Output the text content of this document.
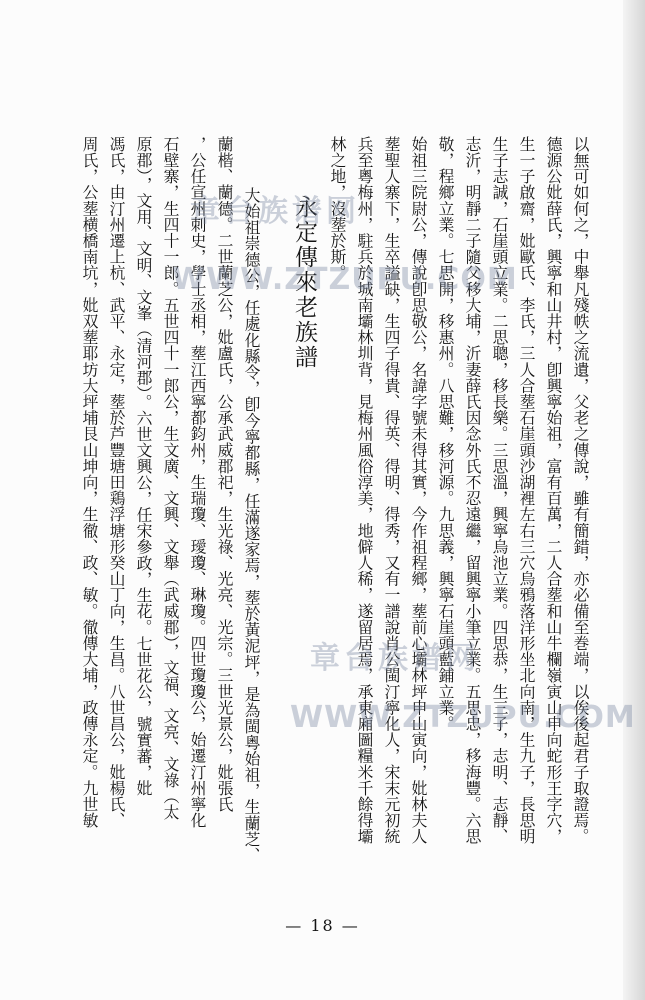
以無可如何之，中舉凡殘帙之流遺，父老之傳說，雖有簡錯，亦必備至巻端，以俟後起君子取證焉。
德源公妣薛氏，興寧和山井村，卽興寧始祖，富有百萬，二人合塟和山牛欄嶺寅山申向蛇形王字穴，
生一子啟齋，妣歐氏、李氏，三人合塟石崖頭沙湖裡左右三穴烏鴉落洋形坐北向南，生九子，長思明
生子志誠，石崖頭立業。二思聰，移長樂。三思溫，興寧烏池立業。四思恭，生三子，志明、志靜、
志沂，明靜二子隨父移大埔，沂妻薛氏因念外氏不忍遠繼，留興寧小筆立業。五思忠，移海豐。六思
敬，程鄉立業。七思開，移惠州。八思難，移河源。九思義，興寧石崖頭藍鋪立業。
始祖三院尉公，傳說卽思敬公，名諱字號未得其實，今作祖程鄉，塟前心壩林坪申山寅向，妣林夫人
塟聖人寨下，生卒謚缺，生四子得貴、得英、得明、得秀，又有一譜說肖公閩汀寧化人，宋末元初統
兵至粵梅州，駐兵於城南壩林圳背，見梅州風俗淳美，地僻人稀，遂留居焉，承東廂圖糧米千餘得壩
林之地，沒塟於斯。
永定傳來老族譜
大始祖崇德公，任處化縣令，卽今寧都縣，任滿遂家焉，塟於黃泥坪，是為閩粵始祖，生蘭芝、
蘭楷、蘭德。二世蘭芝公，妣盧氏，公承武威郡祀，生光祿、光亮、光宗。三世光景公，妣張氏
，公任宣州刺史，學士丞相，塟江西寧都鈞州，生瑞瓊、璦瓊、琳瓊。四世瓊瓊公，始遷汀州寧化
石壁寨，生四十一郎。五世四十一郎公，生文廣、文興、文舉（武威郡），文福、文亮、文祿（太
原郡），文用、文明、文峯（清河郡）。六世文興公，任宋參政，生花。七世花公，號實蕃，妣
馮氏，由汀州遷上杭、武平、永定，塟於芦豐塘田鶏浮塘形癸山丁向，生昌。八世昌公，妣楊氏、
周氏，公塟横橋南坑，妣双塟耶坊大坪埔艮山坤向，生徹、政、敏。徹傳大埔，政傳永定。九世敏	章台族谱网
WWW.ZTZUPU.COM
章台族谱网
WWW.ZTZUPU.COM
— 18 —
